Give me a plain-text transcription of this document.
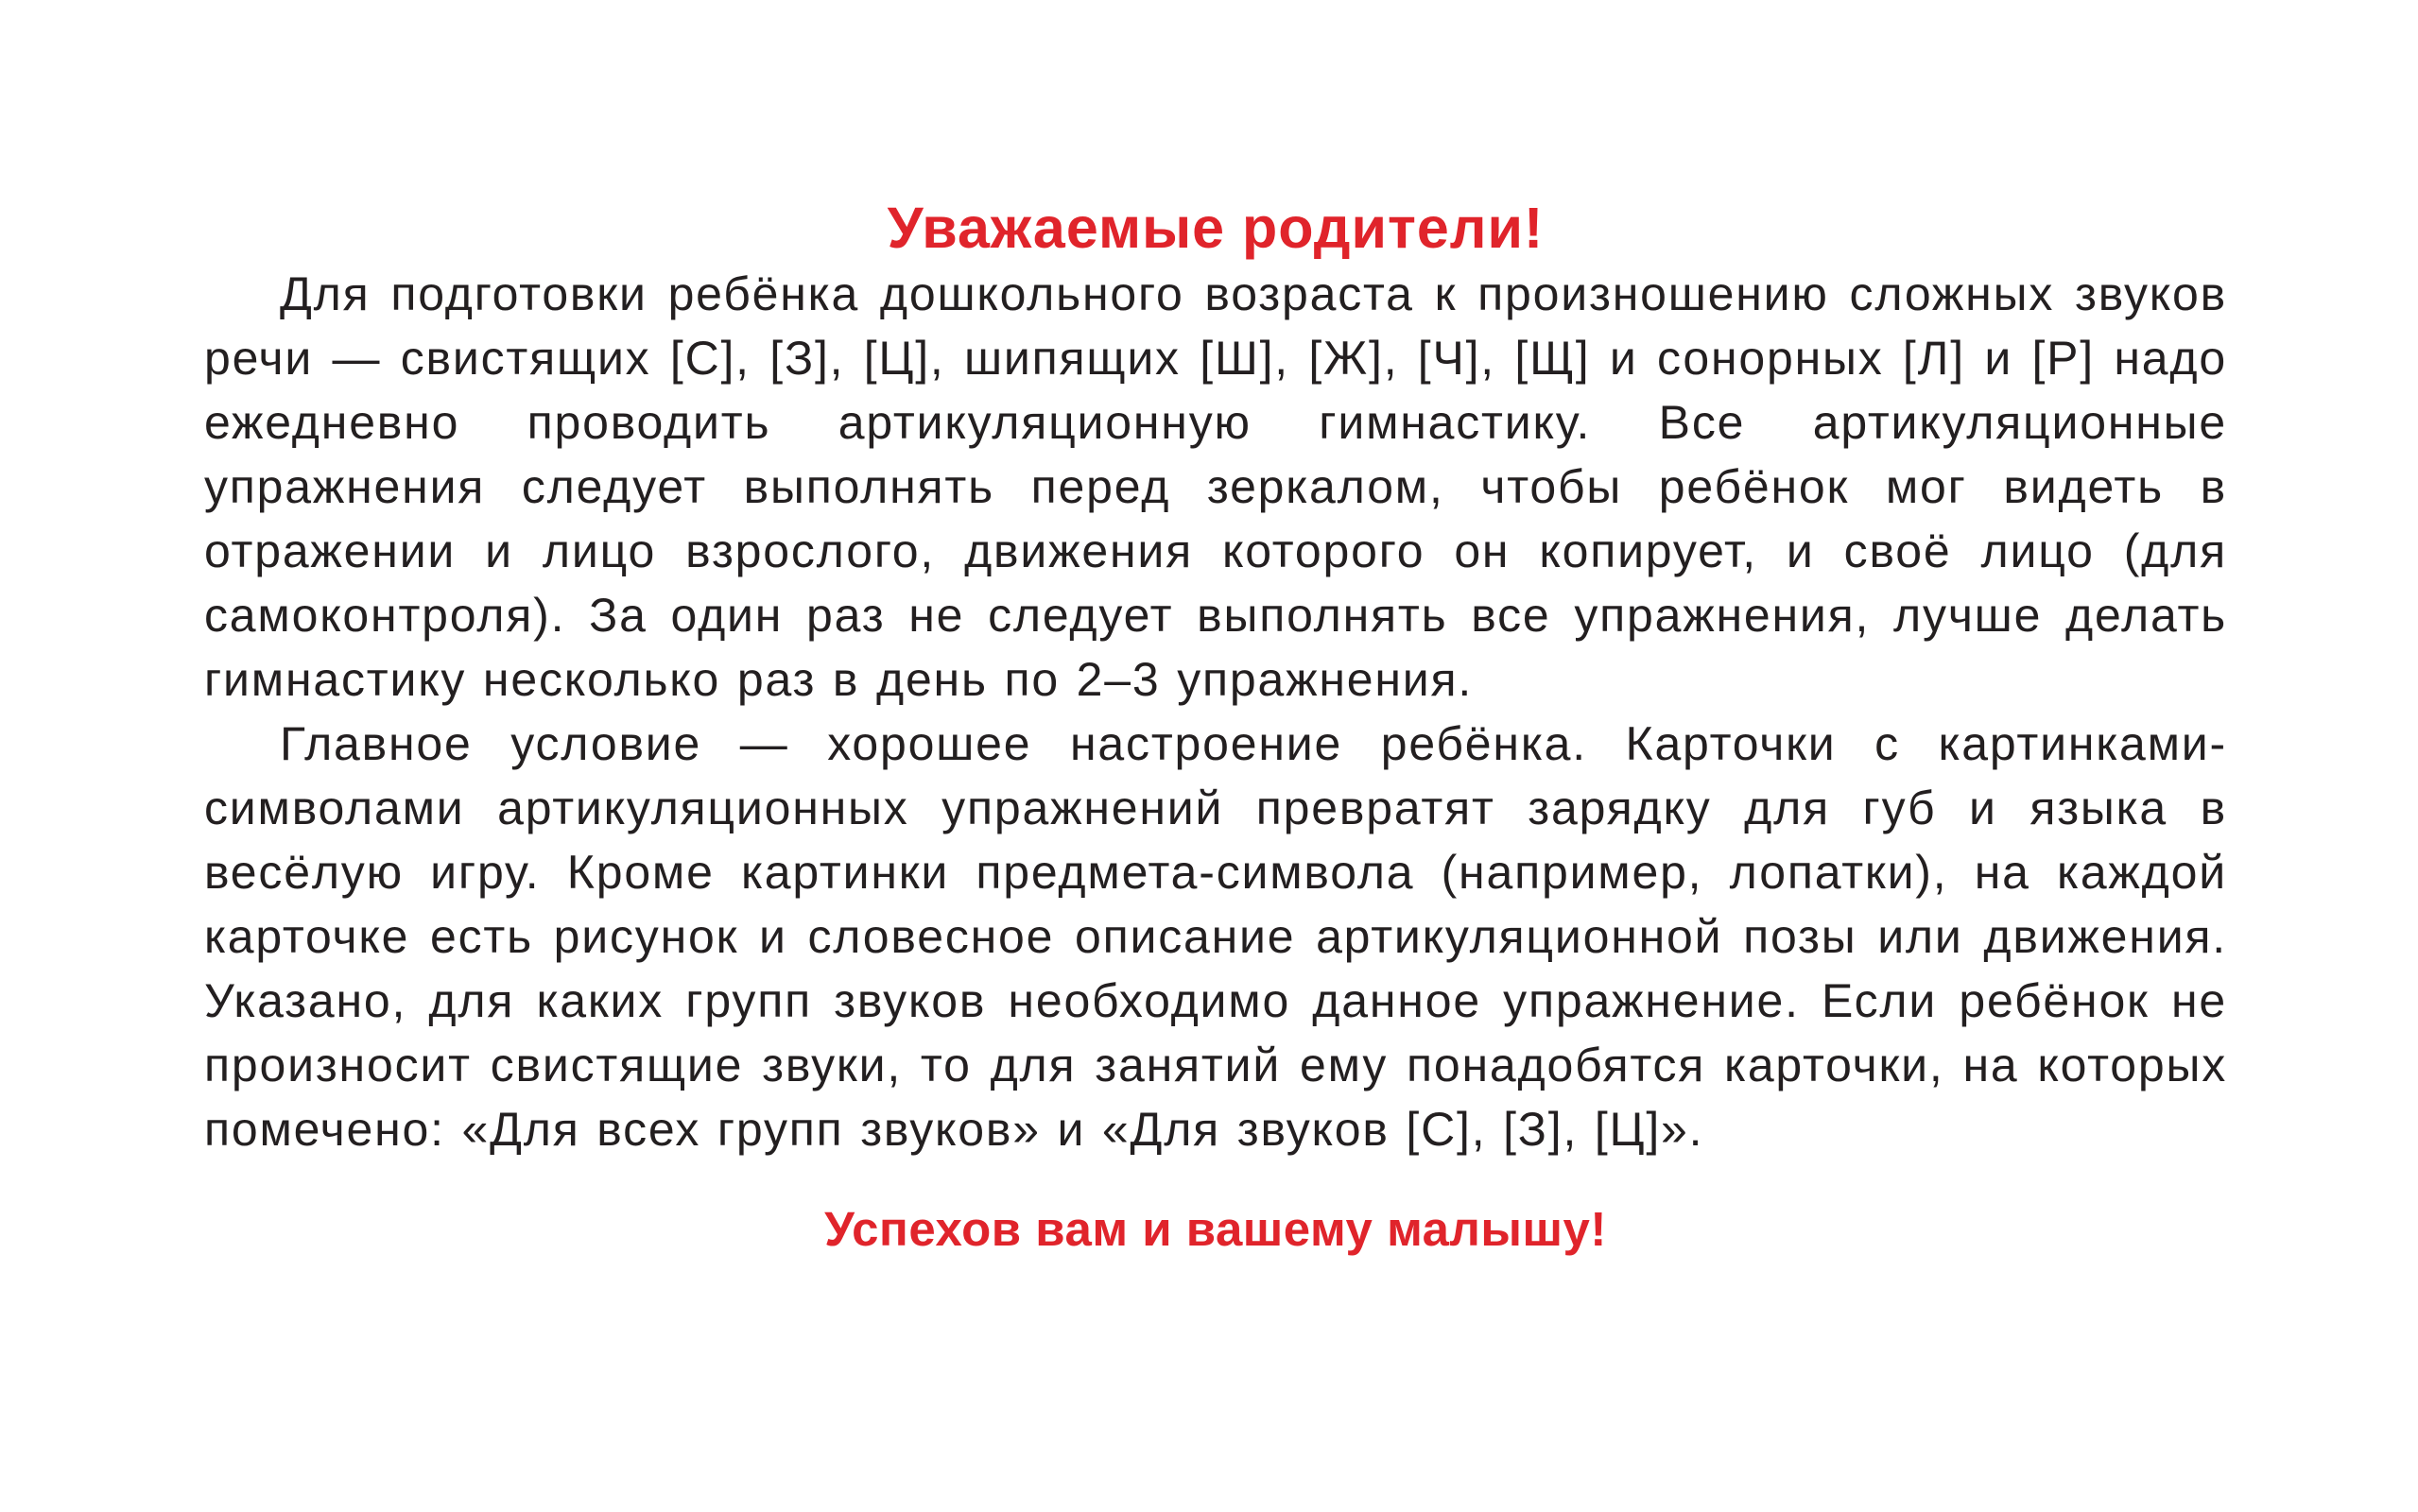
Уважаемые родители!

Для подготовки ребёнка дошкольного возраста к произношению сложных звуков речи — свистящих [С], [З], [Ц], шипящих [Ш], [Ж], [Ч], [Щ] и сонорных [Л] и [Р] надо ежедневно проводить артикуляционную гимнастику. Все артикуляционные упражнения следует выполнять перед зеркалом, чтобы ребёнок мог видеть в отражении и лицо взрослого, движения которого он копирует, и своё лицо (для самоконтроля). За один раз не следует выполнять все упражнения, лучше делать гимнастику несколько раз в день по 2–3 упражнения.

Главное условие — хорошее настроение ребёнка. Карточки с картинками-символами артикуляционных упражнений превратят зарядку для губ и языка в весёлую игру. Кроме картинки предмета-символа (например, лопатки), на каждой карточке есть рисунок и словесное описание артикуляционной позы или движения. Указано, для каких групп звуков необходимо данное упражнение. Если ребёнок не произносит свистящие звуки, то для занятий ему понадобятся карточки, на которых помечено: «Для всех групп звуков» и «Для звуков [С], [З], [Ц]».

Успехов вам и вашему малышу!
